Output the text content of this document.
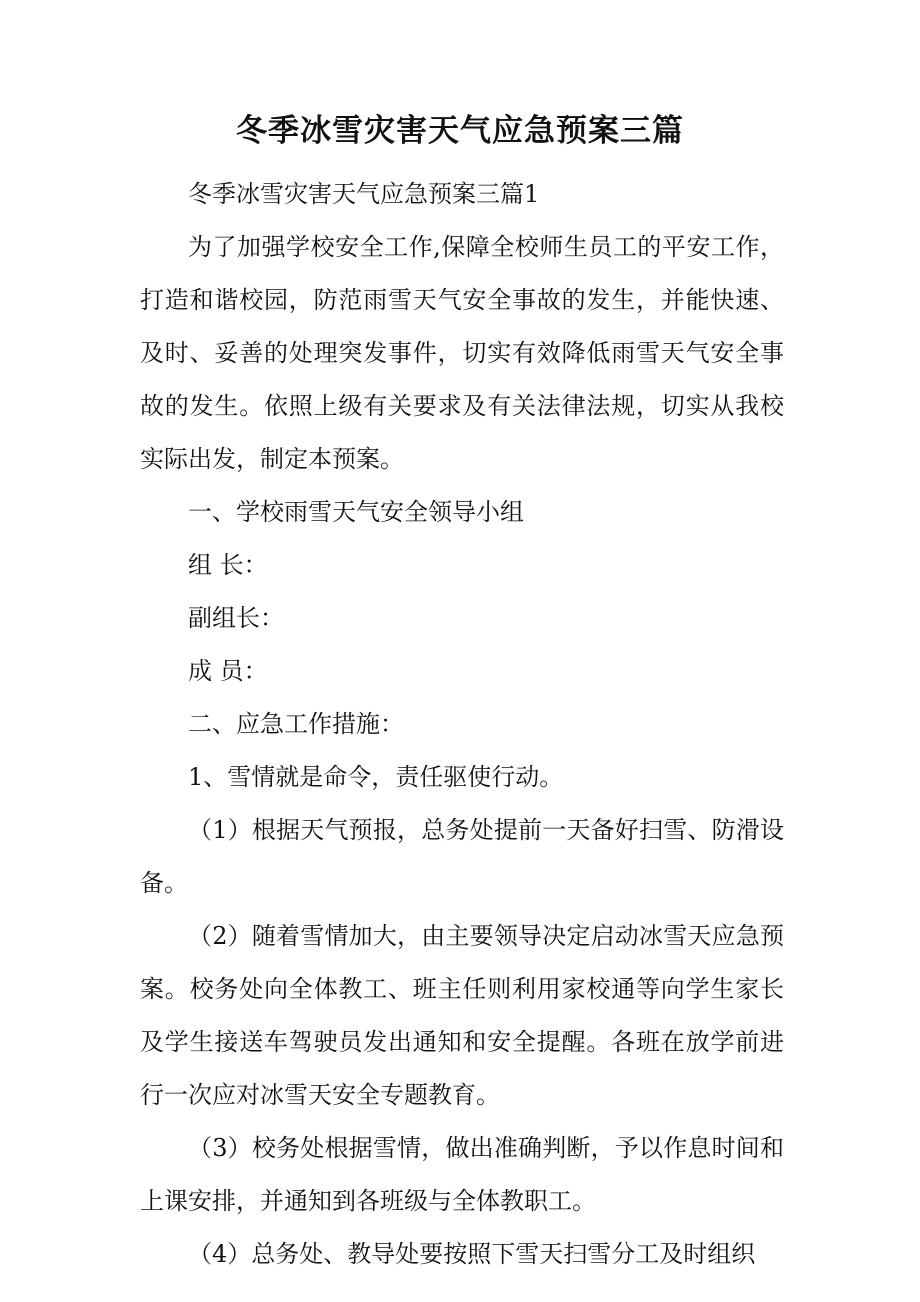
冬季冰雪灾害天气应急预案三篇

冬季冰雪灾害天气应急预案三篇1

为了加强学校安全工作,保障全校师生员工的平安工作，打造和谐校园，防范雨雪天气安全事故的发生，并能快速、及时、妥善的处理突发事件，切实有效降低雨雪天气安全事故的发生。依照上级有关要求及有关法律法规，切实从我校实际出发，制定本预案。

一、学校雨雪天气安全领导小组

组 长：

副组长：

成 员：

二、应急工作措施：

1、雪情就是命令，责任驱使行动。

（1）根据天气预报，总务处提前一天备好扫雪、防滑设备。

（2）随着雪情加大，由主要领导决定启动冰雪天应急预案。校务处向全体教工、班主任则利用家校通等向学生家长及学生接送车驾驶员发出通知和安全提醒。各班在放学前进行一次应对冰雪天安全专题教育。

（3）校务处根据雪情，做出准确判断，予以作息时间和上课安排，并通知到各班级与全体教职工。

（4）总务处、教导处要按照下雪天扫雪分工及时组织
